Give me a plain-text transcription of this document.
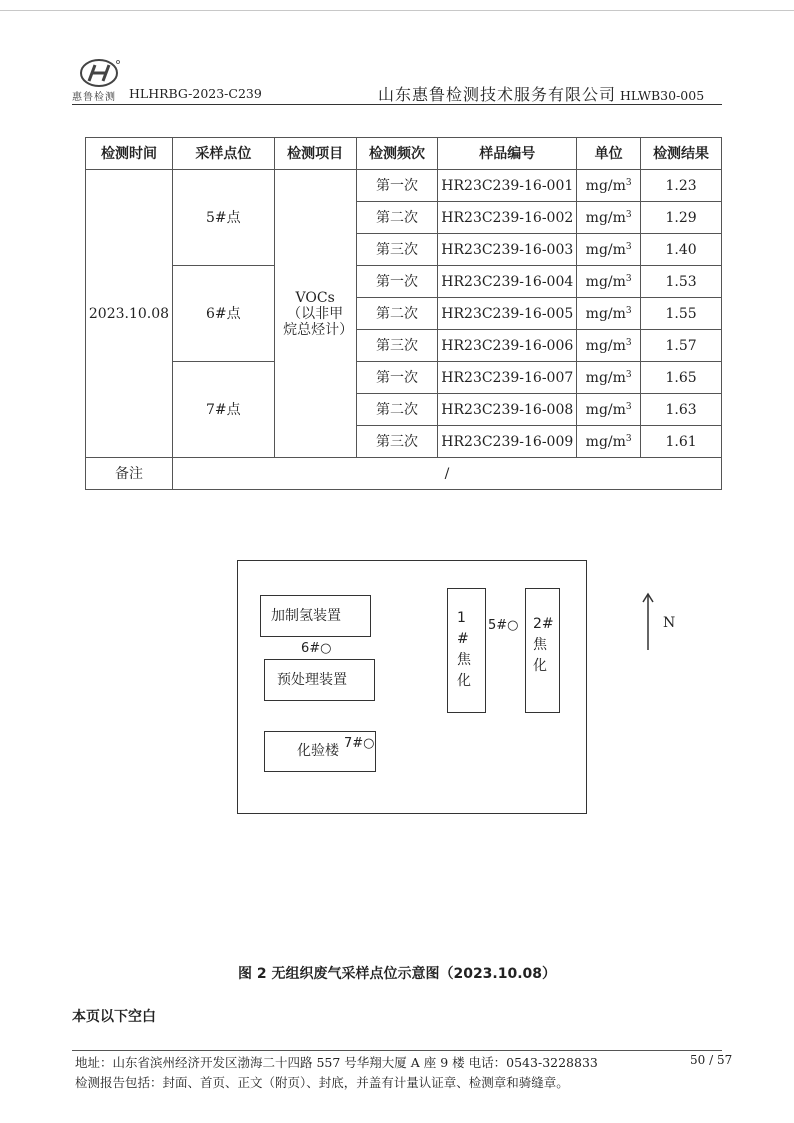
惠鲁检测 HLHRBG-2023-C239	山东惠鲁检测技术服务有限公司 HLWB30-005
检测时间	采样点位	检测项目	检测频次	样品编号	单位	检测结果
2023.10.08	5#点	VOCs（以非甲烷总烃计）	第一次	HR23C239-16-001	$mg/m^3$	1.23
			第二次	HR23C239-16-002	$mg/m^3$	1.29
			第三次	HR23C239-16-003	$mg/m^3$	1.40
	6#点		第一次	HR23C239-16-004	$mg/m^3$	1.53
			第二次	HR23C239-16-005	$mg/m^3$	1.55
			第三次	HR23C239-16-006	$mg/m^3$	1.57
	7#点		第一次	HR23C239-16-007	$mg/m^3$	1.65
			第二次	HR23C239-16-008	$mg/m^3$	1.63
			第三次	HR23C239-16-009	$mg/m^3$	1.61
备注	/					
加制氢装置
6#○
预处理装置
化验楼 7#○
1#焦化
5#○	2#焦化
N
图 2 无组织废气采样点位示意图（2023.10.08）
本页以下空白
地址：山东省滨州经济开发区渤海二十四路 557 号华翔大厦 A 座 9 楼 电话：0543-3228833
检测报告包括：封面、首页、正文（附页）、封底，并盖有计量认证章、检测章和骑缝章。
50 / 57
